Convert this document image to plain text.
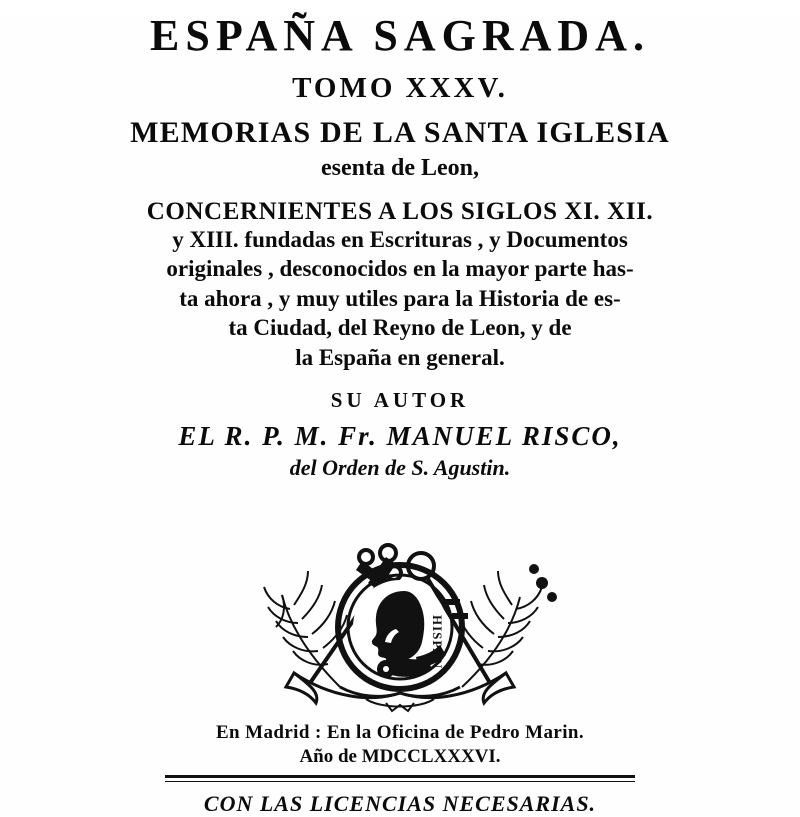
ESPAÑA SAGRADA.
TOMO XXXV.
MEMORIAS DE LA SANTA IGLESIA
esenta de Leon,
CONCERNIENTES A LOS SIGLOS XI. XII.
y XIII. fundadas en Escrituras , y Documentos
originales , desconocidos en la mayor parte has-
ta ahora , y muy utiles para la Historia de es-
ta Ciudad, del Reyno de Leon, y de
la España en general.
SU AUTOR
EL R. P. M. Fr. MANUEL RISCO,
del Orden de S. Agustin.
HISPAN
En Madrid : En la Oficina de Pedro Marin.
Año de MDCCLXXXVI.
CON LAS LICENCIAS NECESARIAS.
